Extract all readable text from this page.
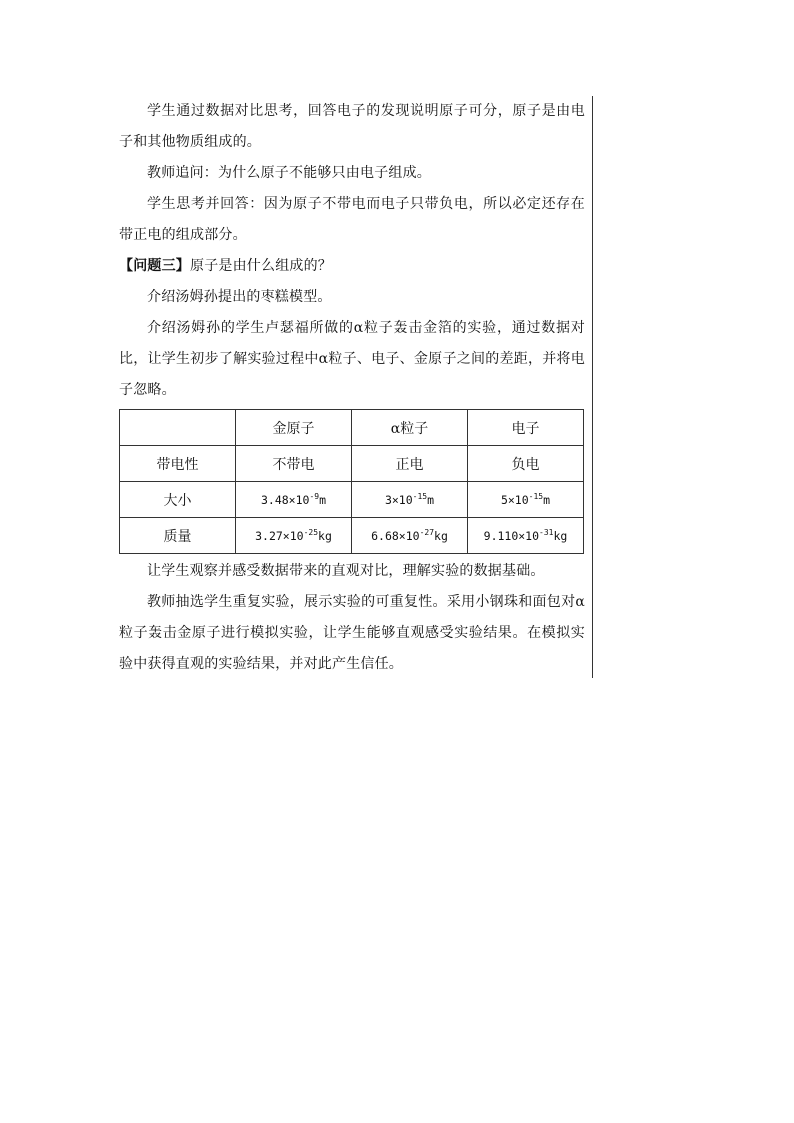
学生通过数据对比思考，回答电子的发现说明原子可分，原子是由电子和其他物质组成的。

教师追问：为什么原子不能够只由电子组成。

学生思考并回答：因为原子不带电而电子只带负电，所以必定还存在带正电的组成部分。

【问题三】原子是由什么组成的？

介绍汤姆孙提出的枣糕模型。

介绍汤姆孙的学生卢瑟福所做的α粒子轰击金箔的实验，通过数据对比，让学生初步了解实验过程中α粒子、电子、金原子之间的差距，并将电子忽略。

	金原子	α粒子	电子
带电性	不带电	正电	负电
大小	$3.48\times 10^{-9}m$	$3\times 10^{-15}m$	$5\times 10^{-15}m$
质量	$3.27\times 10^{-25}kg$	$6.68\times 10^{-27}kg$	$9.110\times 10^{-31}kg$

让学生观察并感受数据带来的直观对比，理解实验的数据基础。

教师抽选学生重复实验，展示实验的可重复性。采用小钢珠和面包对α粒子轰击金原子进行模拟实验，让学生能够直观感受实验结果。在模拟实验中获得直观的实验结果，并对此产生信任。
